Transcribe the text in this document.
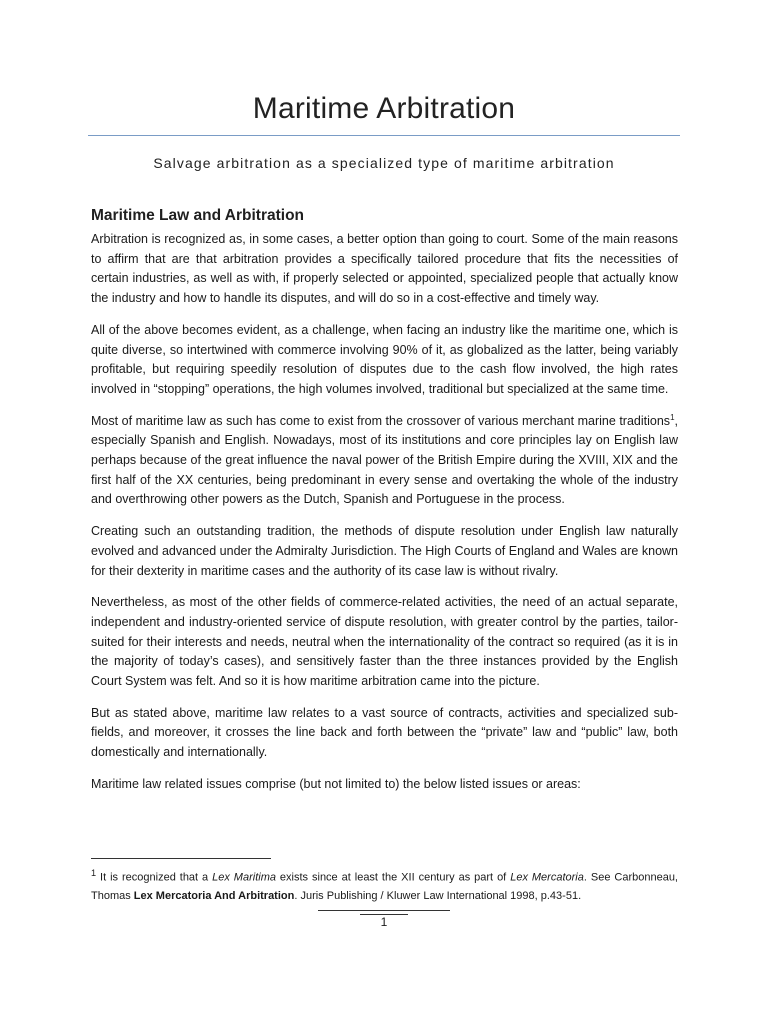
Maritime Arbitration
Salvage arbitration as a specialized type of maritime arbitration
Maritime Law and Arbitration

Arbitration is recognized as, in some cases, a better option than going to court. Some of the main reasons to affirm that are that arbitration provides a specifically tailored procedure that fits the necessities of certain industries, as well as with, if properly selected or appointed, specialized people that actually know the industry and how to handle its disputes, and will do so in a cost-effective and timely way.

All of the above becomes evident, as a challenge, when facing an industry like the maritime one, which is quite diverse, so intertwined with commerce involving 90% of it, as globalized as the latter, being variably profitable, but requiring speedily resolution of disputes due to the cash flow involved, the high rates involved in “stopping” operations, the high volumes involved, traditional but specialized at the same time.

Most of maritime law as such has come to exist from the crossover of various merchant marine traditions$^1$, especially Spanish and English. Nowadays, most of its institutions and core principles lay on English law perhaps because of the great influence the naval power of the British Empire during the XVIII, XIX and the first half of the XX centuries, being predominant in every sense and overtaking the whole of the industry and overthrowing other powers as the Dutch, Spanish and Portuguese in the process.

Creating such an outstanding tradition, the methods of dispute resolution under English law naturally evolved and advanced under the Admiralty Jurisdiction. The High Courts of England and Wales are known for their dexterity in maritime cases and the authority of its case law is without rivalry.

Nevertheless, as most of the other fields of commerce-related activities, the need of an actual separate, independent and industry-oriented service of dispute resolution, with greater control by the parties, tailor-suited for their interests and needs, neutral when the internationality of the contract so required (as it is in the majority of today’s cases), and sensitively faster than the three instances provided by the English Court System was felt. And so it is how maritime arbitration came into the picture.

But as stated above, maritime law relates to a vast source of contracts, activities and specialized sub-fields, and moreover, it crosses the line back and forth between the “private” law and “public” law, both domestically and internationally.

Maritime law related issues comprise (but not limited to) the below listed issues or areas:

$^1$ It is recognized that a Lex Maritima exists since at least the XII century as part of Lex Mercatoria. See Carbonneau, Thomas Lex Mercatoria And Arbitration. Juris Publishing / Kluwer Law International 1998, p.43-51.
1
